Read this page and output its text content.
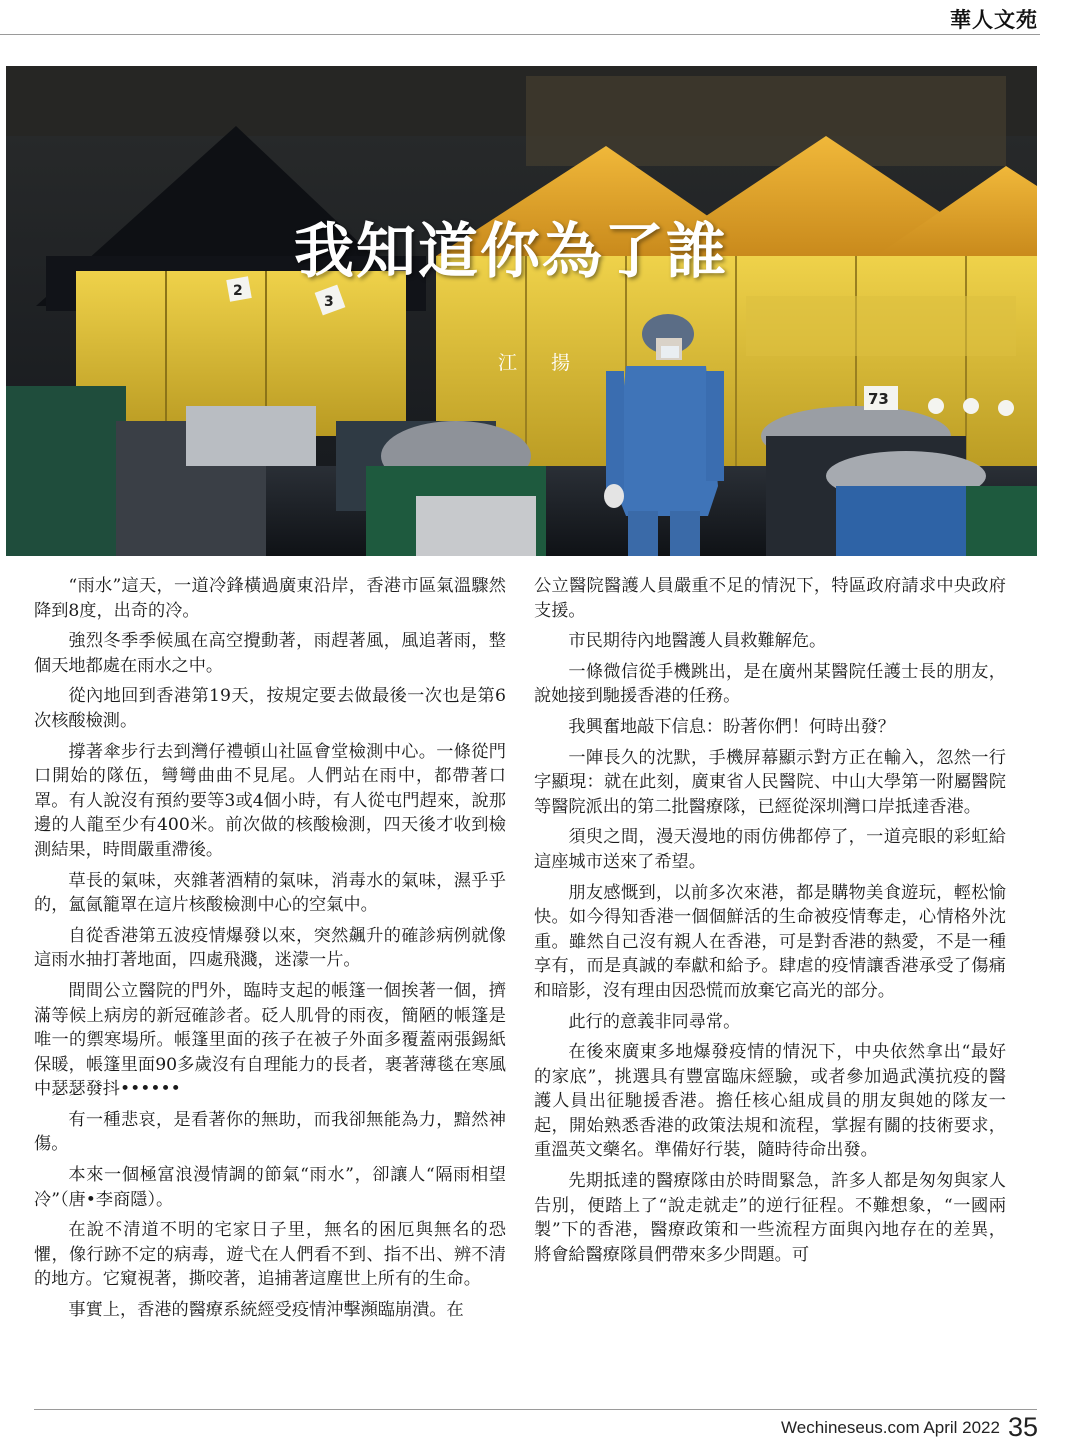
華人文苑
2
3
73
我知道你為了誰
江 揚

“雨水”這天，一道冷鋒橫過廣東沿岸，香港市區氣溫驟然降到8度，出奇的冷。

強烈冬季季候風在高空攪動著，雨趕著風，風追著雨，整個天地都處在雨水之中。

從內地回到香港第19天，按規定要去做最後一次也是第6次核酸檢測。

撐著傘步行去到灣仔禮頓山社區會堂檢測中心。一條從門口開始的隊伍，彎彎曲曲不見尾。人們站在雨中，都帶著口罩。有人說沒有預約要等3或4個小時，有人從屯門趕來，說那邊的人龍至少有400米。前次做的核酸檢測，四天後才收到檢測結果，時間嚴重滯後。

草長的氣味，夾雜著酒精的氣味，消毒水的氣味，濕乎乎的，氳氤籠罩在這片核酸檢測中心的空氣中。

自從香港第五波疫情爆發以來，突然飆升的確診病例就像這雨水抽打著地面，四處飛濺，迷濛一片。

間間公立醫院的門外，臨時支起的帳篷一個挨著一個，擠滿等候上病房的新冠確診者。砭人肌骨的雨夜，簡陋的帳篷是唯一的禦寒場所。帳篷里面的孩子在被子外面多覆蓋兩張錫紙保暖，帳篷里面90多歲沒有自理能力的長者，裹著薄毯在寒風中瑟瑟發抖••••••

有一種悲哀，是看著你的無助，而我卻無能為力，黯然神傷。

本來一個極富浪漫情調的節氣“雨水”，卻讓人“隔雨相望冷”（唐•李商隱）。

在說不清道不明的宅家日子里，無名的困厄與無名的恐懼，像行跡不定的病毒，遊弋在人們看不到、指不出、辨不清的地方。它窺視著，撕咬著，追捕著這塵世上所有的生命。

事實上，香港的醫療系統經受疫情沖擊瀕臨崩潰。在

公立醫院醫護人員嚴重不足的情況下，特區政府請求中央政府支援。

市民期待內地醫護人員救難解危。

一條微信從手機跳出，是在廣州某醫院任護士長的朋友，說她接到馳援香港的任務。

我興奮地敲下信息：盼著你們！何時出發？

一陣長久的沈默，手機屏幕顯示對方正在輸入，忽然一行字顯現：就在此刻，廣東省人民醫院、中山大學第一附屬醫院等醫院派出的第二批醫療隊，已經從深圳灣口岸抵達香港。

須臾之間，漫天漫地的雨仿佛都停了，一道亮眼的彩虹給這座城市送來了希望。

朋友感慨到，以前多次來港，都是購物美食遊玩，輕松愉快。如今得知香港一個個鮮活的生命被疫情奪走，心情格外沈重。雖然自己沒有親人在香港，可是對香港的熱愛，不是一種享有，而是真誠的奉獻和給予。肆虐的疫情讓香港承受了傷痛和暗影，沒有理由因恐慌而放棄它高光的部分。

此行的意義非同尋常。

在後來廣東多地爆發疫情的情況下，中央依然拿出“最好的家底”，挑選具有豐富臨床經驗，或者參加過武漢抗疫的醫護人員出征馳援香港。擔任核心組成員的朋友與她的隊友一起，開始熟悉香港的政策法規和流程，掌握有關的技術要求，重溫英文藥名。準備好行裝，隨時待命出發。

先期抵達的醫療隊由於時間緊急，許多人都是匆匆與家人告別，便踏上了“說走就走”的逆行征程。不難想象，“一國兩製”下的香港，醫療政策和一些流程方面與內地存在的差異，將會給醫療隊員們帶來多少問題。可

Wechineseus.com April 2022 35
